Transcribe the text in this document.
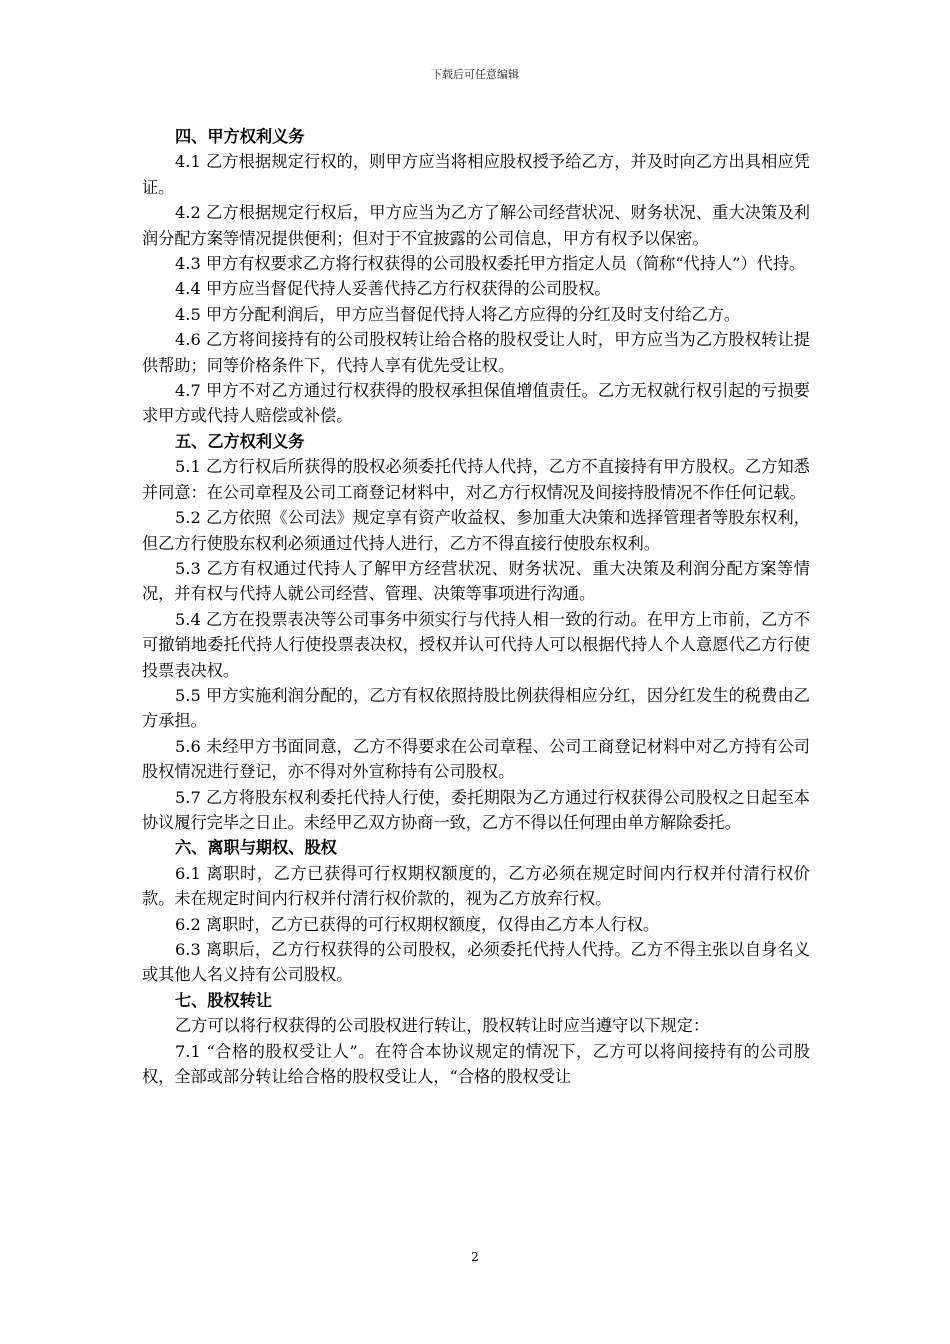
下载后可任意编辑
四、甲方权利义务

4.1 乙方根据规定行权的，则甲方应当将相应股权授予给乙方，并及时向乙方出具相应凭证。

4.2 乙方根据规定行权后，甲方应当为乙方了解公司经营状况、财务状况、重大决策及利润分配方案等情况提供便利；但对于不宜披露的公司信息，甲方有权予以保密。

4.3 甲方有权要求乙方将行权获得的公司股权委托甲方指定人员（简称“代持人”）代持。

4.4 甲方应当督促代持人妥善代持乙方行权获得的公司股权。

4.5 甲方分配利润后，甲方应当督促代持人将乙方应得的分红及时支付给乙方。

4.6 乙方将间接持有的公司股权转让给合格的股权受让人时，甲方应当为乙方股权转让提供帮助；同等价格条件下，代持人享有优先受让权。

4.7 甲方不对乙方通过行权获得的股权承担保值增值责任。乙方无权就行权引起的亏损要求甲方或代持人赔偿或补偿。

五、乙方权利义务

5.1 乙方行权后所获得的股权必须委托代持人代持，乙方不直接持有甲方股权。乙方知悉并同意：在公司章程及公司工商登记材料中，对乙方行权情况及间接持股情况不作任何记载。

5.2 乙方依照《公司法》规定享有资产收益权、参加重大决策和选择管理者等股东权利，但乙方行使股东权利必须通过代持人进行，乙方不得直接行使股东权利。

5.3 乙方有权通过代持人了解甲方经营状况、财务状况、重大决策及利润分配方案等情况，并有权与代持人就公司经营、管理、决策等事项进行沟通。

5.4 乙方在投票表决等公司事务中须实行与代持人相一致的行动。在甲方上市前，乙方不可撤销地委托代持人行使投票表决权，授权并认可代持人可以根据代持人个人意愿代乙方行使投票表决权。

5.5 甲方实施利润分配的，乙方有权依照持股比例获得相应分红，因分红发生的税费由乙方承担。

5.6 未经甲方书面同意，乙方不得要求在公司章程、公司工商登记材料中对乙方持有公司股权情况进行登记，亦不得对外宣称持有公司股权。

5.7 乙方将股东权利委托代持人行使，委托期限为乙方通过行权获得公司股权之日起至本协议履行完毕之日止。未经甲乙双方协商一致，乙方不得以任何理由单方解除委托。

六、离职与期权、股权

6.1 离职时，乙方已获得可行权期权额度的，乙方必须在规定时间内行权并付清行权价款。未在规定时间内行权并付清行权价款的，视为乙方放弃行权。

6.2 离职时，乙方已获得的可行权期权额度，仅得由乙方本人行权。

6.3 离职后，乙方行权获得的公司股权，必须委托代持人代持。乙方不得主张以自身名义或其他人名义持有公司股权。

七、股权转让

乙方可以将行权获得的公司股权进行转让，股权转让时应当遵守以下规定：

7.1 “合格的股权受让人”。在符合本协议规定的情况下，乙方可以将间接持有的公司股权，全部或部分转让给合格的股权受让人，“合格的股权受让

2
